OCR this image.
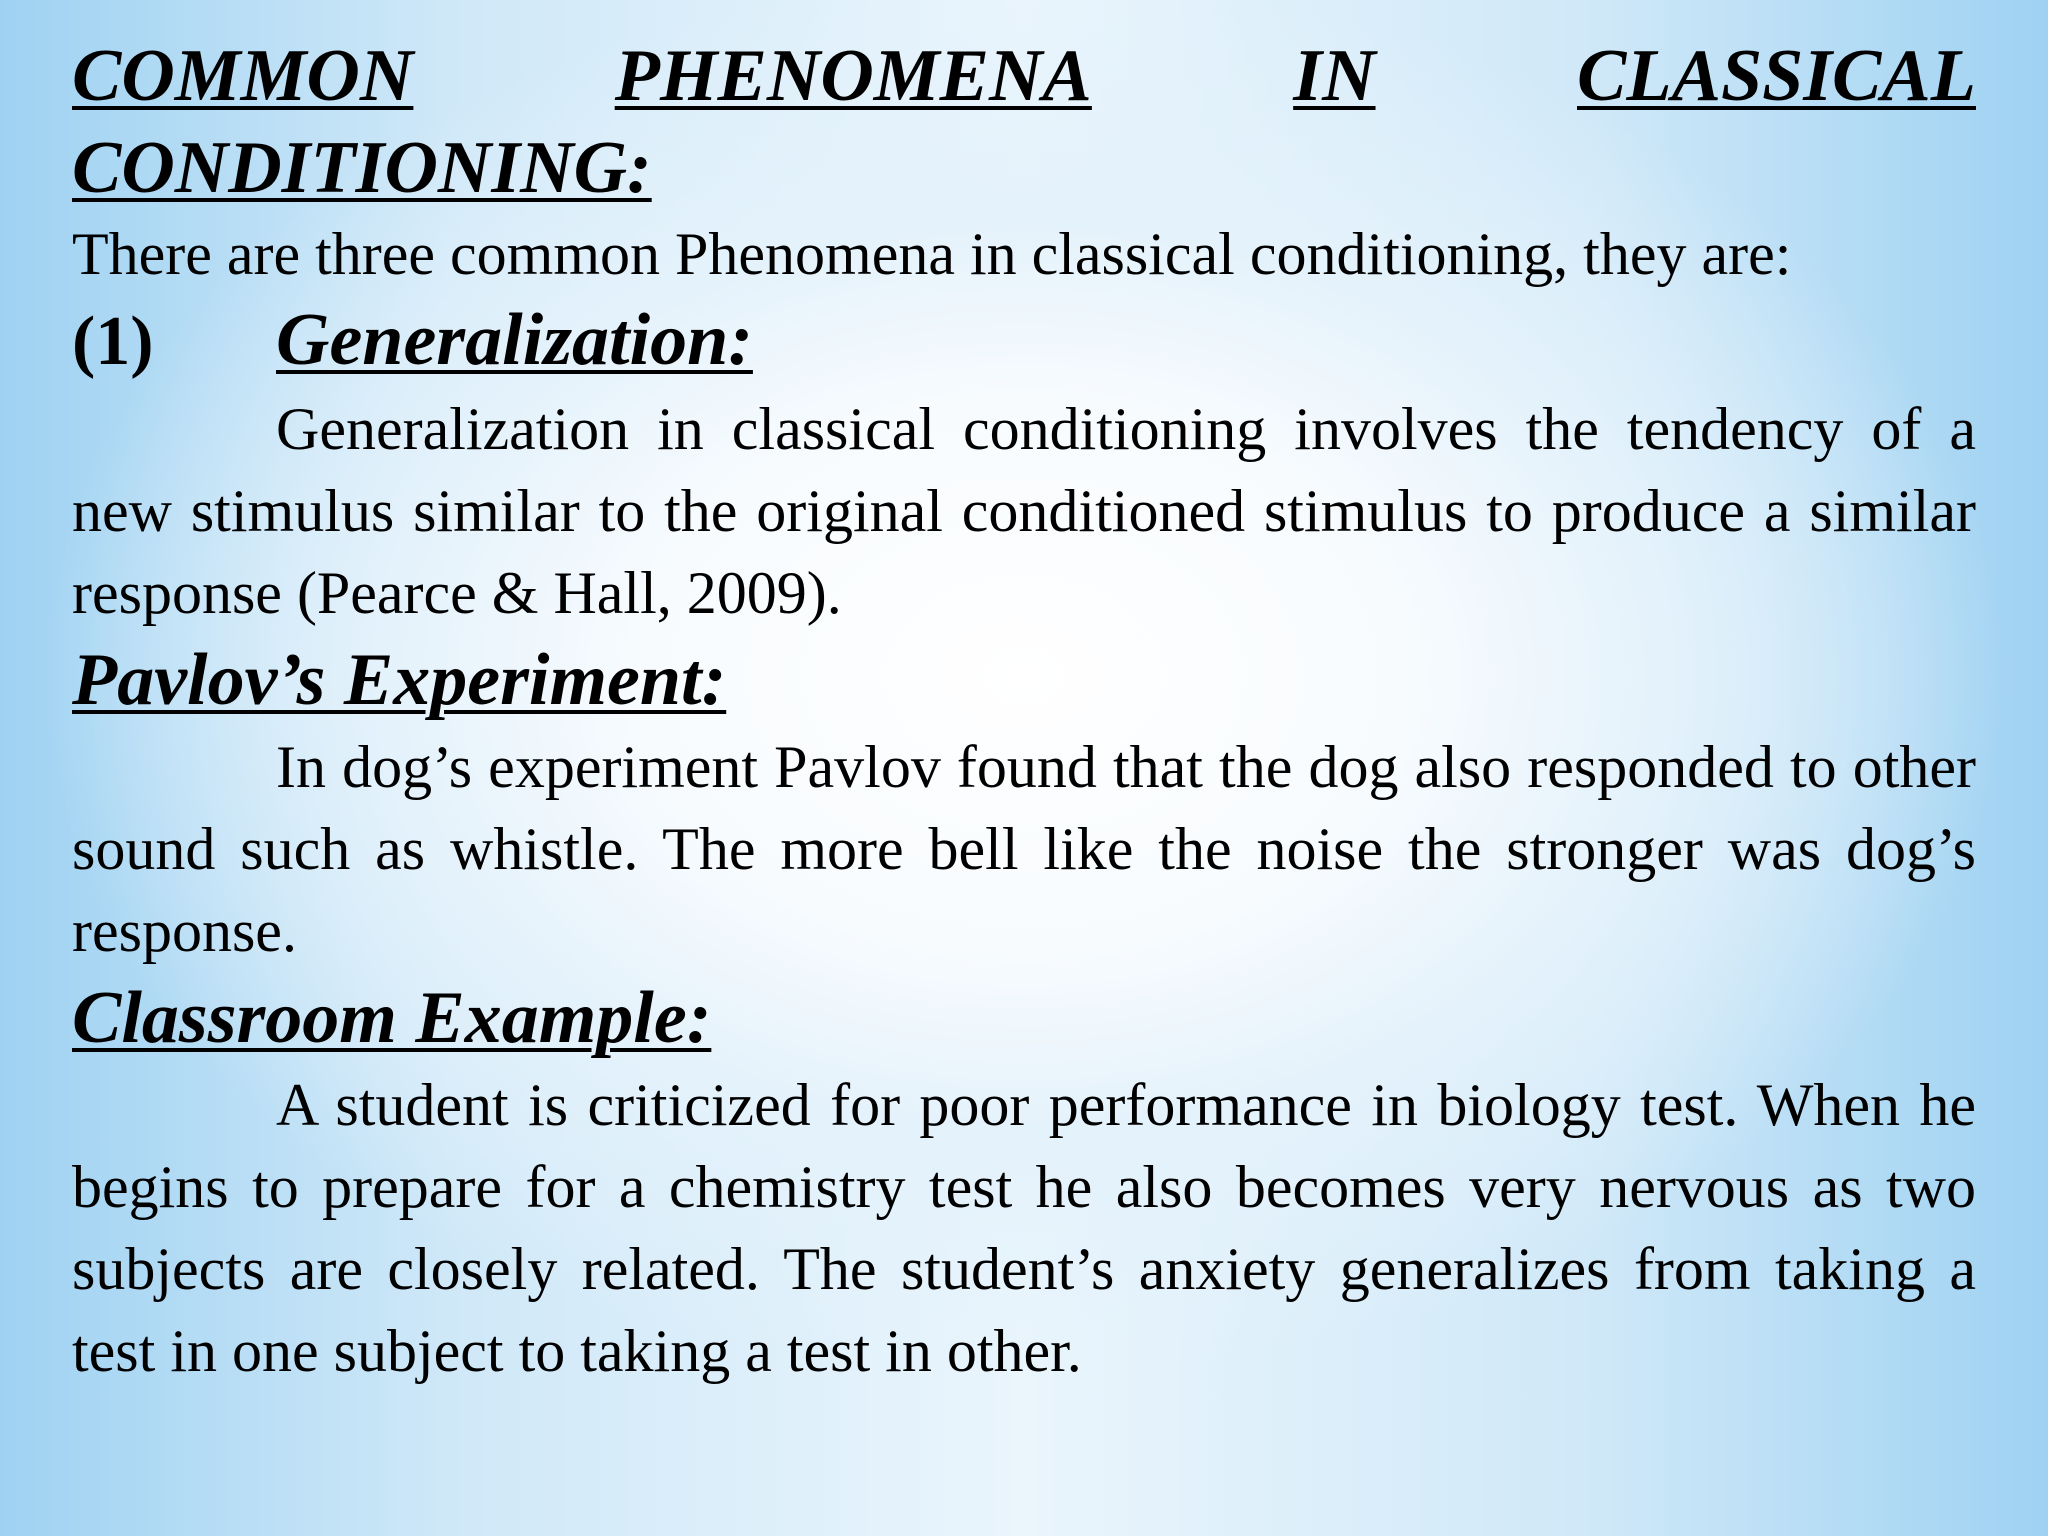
COMMON	PHENOMENA	IN	CLASSICAL
CONDITIONING:

There are three common Phenomena in classical conditioning, they are:

(1)	Generalization:

Generalization in classical conditioning involves the tendency of a new stimulus similar to the original conditioned stimulus to produce a similar response (Pearce & Hall, 2009).

Pavlov’s Experiment:

In dog’s experiment Pavlov found that the dog also responded to other sound such as whistle. The more bell like the noise the stronger was dog’s response.

Classroom Example:

A student is criticized for poor performance in biology test. When he begins to prepare for a chemistry test he also becomes very nervous as two subjects are closely related. The student’s anxiety generalizes from taking a test in one subject to taking a test in other.
